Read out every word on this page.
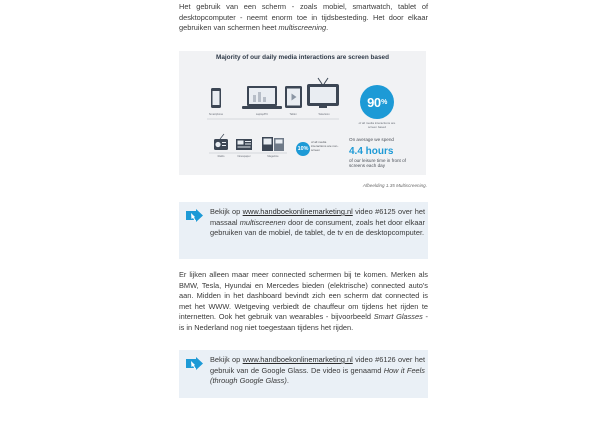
Het gebruik van een scherm - zoals mobiel, smartwatch, tablet of desktopcomputer - neemt enorm toe in tijdsbesteding. Het door elkaar gebruiken van schermen heet multiscreening.

Majority of our daily media interactions are screen based

Smartphone	Laptop/PC	Tablet	Television
Radio	Newspaper	Magazine
90 %
of all media interactions are screen based
10%
of all media interactions are non-screen
On average we spend
4.4 hours
of our leisure time in front of screens each day

Afbeelding 1.35 Multiscreening.

Bekijk op www.handboekonlinemarketing.nl video #6125 over het massaal multiscreenen door de consument, zoals het door elkaar gebruiken van de mobiel, de tablet, de tv en de desktopcomputer.

Er lijken alleen maar meer connected schermen bij te komen. Merken als BMW, Tesla, Hyundai en Mercedes bieden (elektrische) connected auto's aan. Midden in het dashboard bevindt zich een scherm dat connected is met het WWW. Wetgeving verbiedt de chauffeur om tijdens het rijden te internetten. Ook het gebruik van wearables - bijvoorbeeld Smart Glasses - is in Nederland nog niet toegestaan tijdens het rijden.

Bekijk op www.handboekonlinemarketing.nl video #6126 over het gebruik van de Google Glass. De video is genaamd How it Feels (through Google Glass).
